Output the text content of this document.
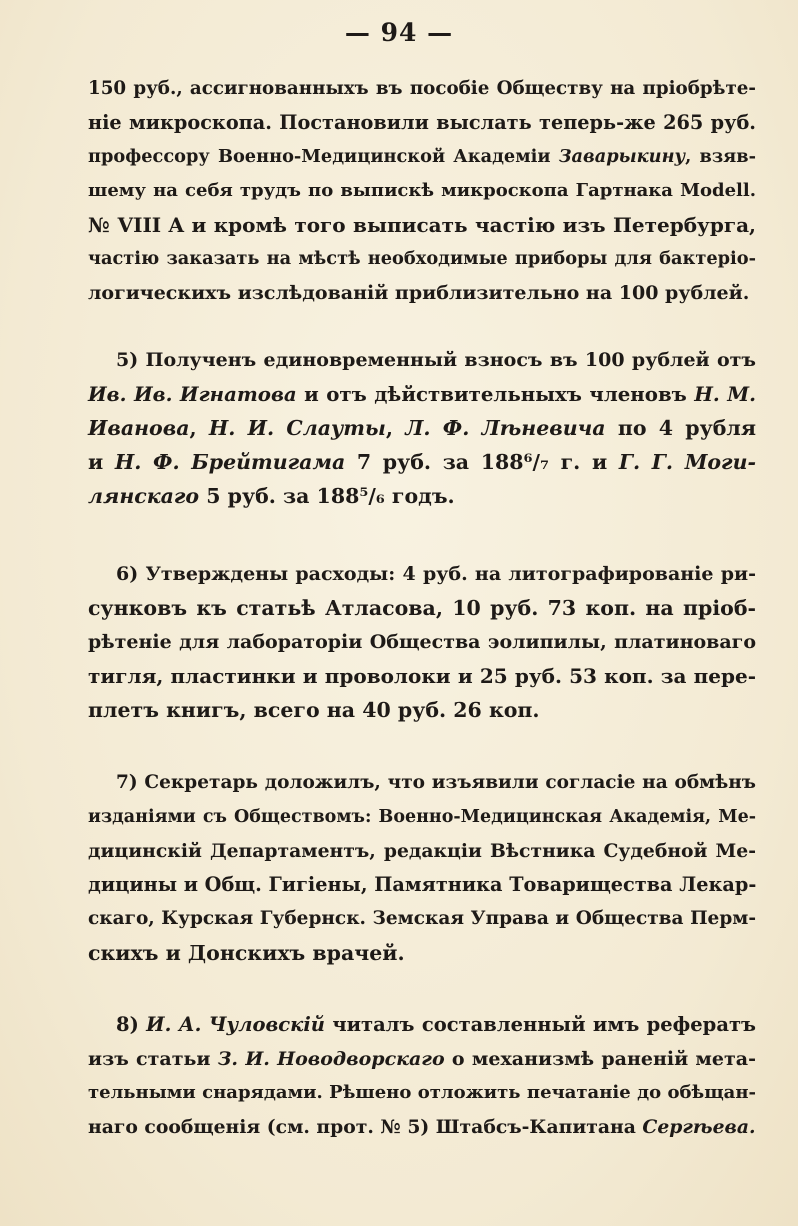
— 94 —
150 руб., ассигнованныхъ въ пособіе Обществу на пріобрѣте-
ніе микроскопа. Постановили выслать теперь-же 265 руб.
профессору Военно-Медицинской Академіи Заварыкину, взяв-
шему на себя трудъ по выпискѣ микроскопа Гартнака Modell.
№ VIII A и кромѣ того выписать частію изъ Петербурга,
частію заказать на мѣстѣ необходимые приборы для бактеріо-
логическихъ изслѣдованій приблизительно на 100 рублей.
5) Полученъ единовременный взносъ въ 100 рублей отъ
Ив. Ив. Игнатова и отъ дѣйствительныхъ членовъ Н. М.
Иванова, Н. И. Слауты, Л. Ф. Лѣневича по 4 рубля
и Н. Ф. Брейтигама 7 руб. за 188⁶/₇ г. и Г. Г. Моги-
лянскаго 5 руб. за 188⁵/₆ годъ.
6) Утверждены расходы: 4 руб. на литографированіе ри-
сунковъ къ статьѣ Атласова, 10 руб. 73 коп. на пріоб-
рѣтеніе для лабораторіи Общества эолипилы, платиноваго
тигля, пластинки и проволоки и 25 руб. 53 коп. за пере-
плетъ книгъ, всего на 40 руб. 26 коп.
7) Секретарь доложилъ, что изъявили согласіе на обмѣнъ
изданіями съ Обществомъ: Военно-Медицинская Академія, Ме-
дицинскій Департаментъ, редакціи Вѣстника Судебной Ме-
дицины и Общ. Гигіены, Памятника Товарищества Лекар-
скаго, Курская Губернск. Земская Управа и Общества Перм-
скихъ и Донскихъ врачей.
8) И. А. Чуловскій читалъ составленный имъ рефератъ
изъ статьи З. И. Новодворскаго о механизмѣ раненій мета-
тельными снарядами. Рѣшено отложить печатаніе до обѣщан-
наго сообщенія (см. прот. № 5) Штабсъ-Капитана Сергѣева.
